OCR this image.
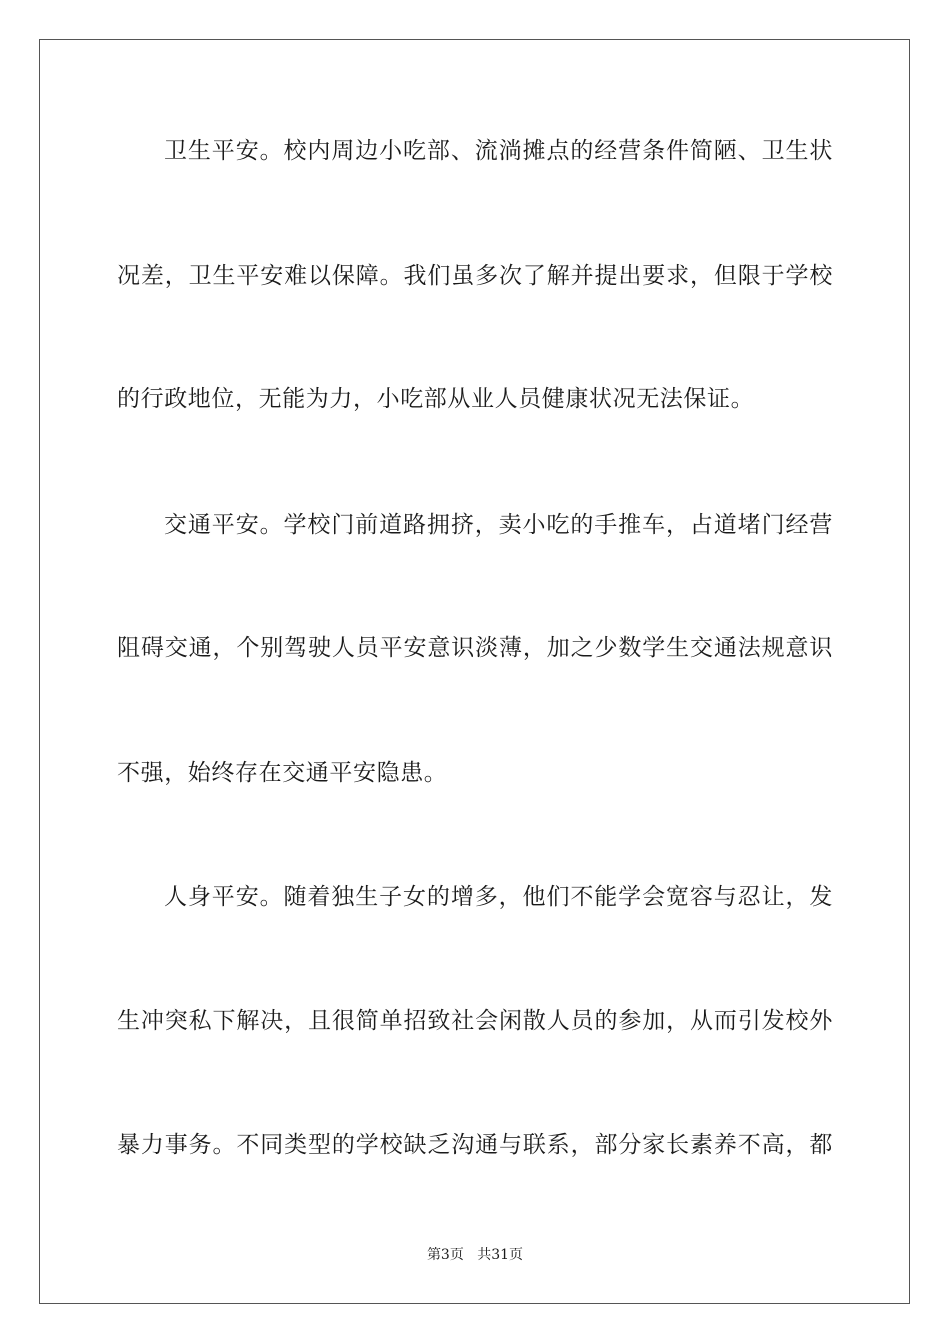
卫生平安。校内周边小吃部、流淌摊点的经营条件简陋、卫生状
况差，卫生平安难以保障。我们虽多次了解并提出要求，但限于学校
的行政地位，无能为力，小吃部从业人员健康状况无法保证。
交通平安。学校门前道路拥挤，卖小吃的手推车，占道堵门经营
阻碍交通，个别驾驶人员平安意识淡薄，加之少数学生交通法规意识
不强，始终存在交通平安隐患。
人身平安。随着独生子女的增多，他们不能学会宽容与忍让，发
生冲突私下解决，且很简单招致社会闲散人员的参加，从而引发校外
暴力事务。不同类型的学校缺乏沟通与联系，部分家长素养不高，都
第3页 共31页
